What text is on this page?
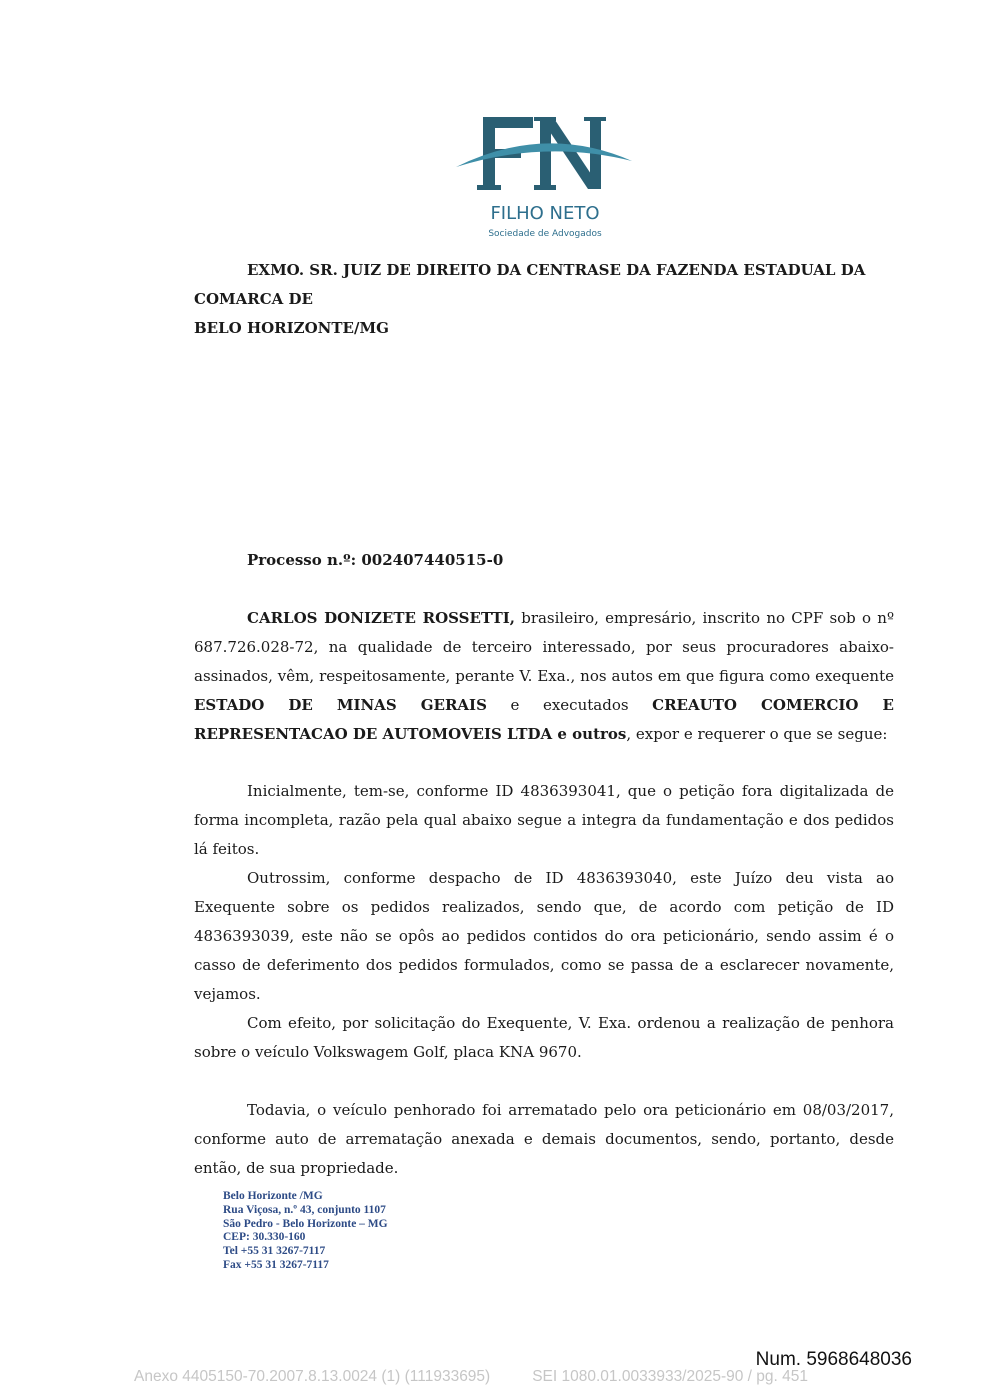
FILHO NETO
Sociedade de Advogados
EXMO. SR. JUIZ DE DIREITO DA CENTRASE DA FAZENDA ESTADUAL DA COMARCA DE
BELO HORIZONTE/MG
Processo n.º: 002407440515-0
CARLOS DONIZETE ROSSETTI, brasileiro, empresário, inscrito no CPF sob o nº 687.726.028-72, na qualidade de terceiro interessado, por seus procuradores abaixo-assinados, vêm, respeitosamente, perante V. Exa., nos autos em que figura como exequente ESTADO DE MINAS GERAIS e executados CREAUTO COMERCIO E REPRESENTACAO DE AUTOMOVEIS LTDA e outros, expor e requerer o que se segue:
Inicialmente, tem-se, conforme ID 4836393041, que o petição fora digitalizada de forma incompleta, razão pela qual abaixo segue a integra da fundamentação e dos pedidos lá feitos.
Outrossim, conforme despacho de ID 4836393040, este Juízo deu vista ao Exequente sobre os pedidos realizados, sendo que, de acordo com petição de ID 4836393039, este não se opôs ao pedidos contidos do ora peticionário, sendo assim é o casso de deferimento dos pedidos formulados, como se passa de a esclarecer novamente, vejamos.
Com efeito, por solicitação do Exequente, V. Exa. ordenou a realização de penhora sobre o veículo Volkswagem Golf, placa KNA 9670.
Todavia, o veículo penhorado foi arrematado pelo ora peticionário em 08/03/2017, conforme auto de arrematação anexada e demais documentos, sendo, portanto, desde então, de sua propriedade.
Belo Horizonte /MG
Rua Viçosa, n.º 43, conjunto 1107
São Pedro - Belo Horizonte – MG
CEP: 30.330-160
Tel +55 31 3267-7117
Fax +55 31 3267-7117
Num. 5968648036
Anexo 4405150-70.2007.8.13.0024 (1) (111933695)	SEI 1080.01.0033933/2025-90 / pg. 451
